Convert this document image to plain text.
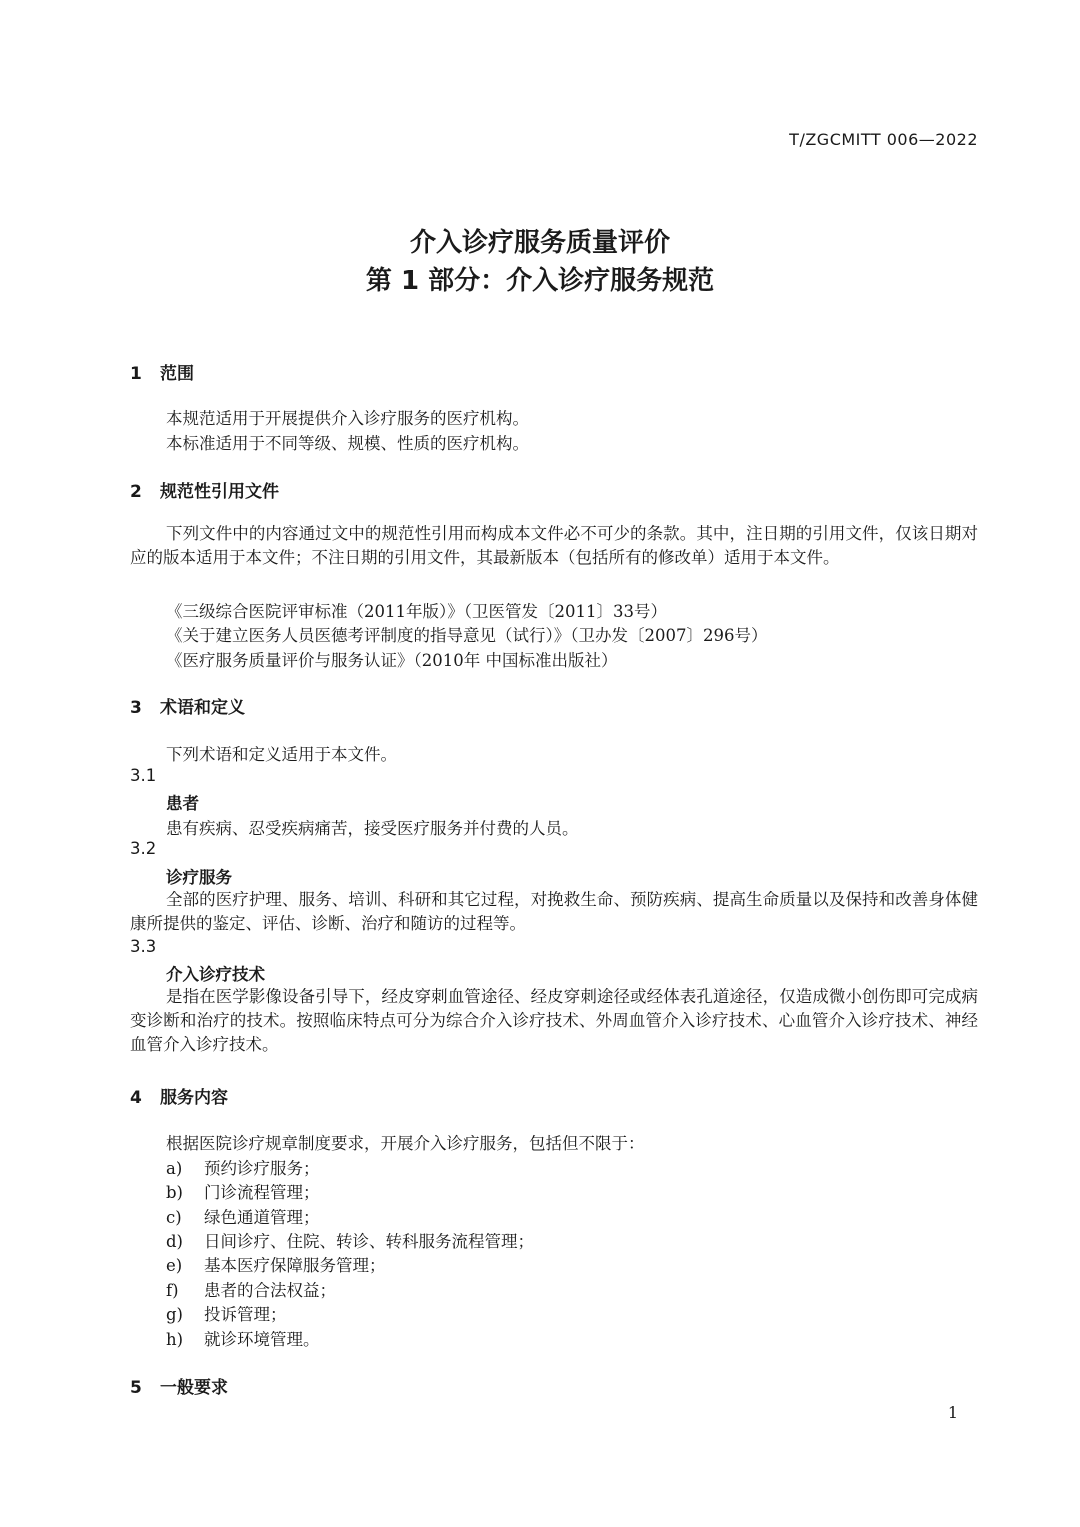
T/ZGCMITT 006—2022
介入诊疗服务质量评价
第 1 部分：介入诊疗服务规范
1 范围
本规范适用于开展提供介入诊疗服务的医疗机构。
本标准适用于不同等级、规模、性质的医疗机构。
2 规范性引用文件
下列文件中的内容通过文中的规范性引用而构成本文件必不可少的条款。其中，注日期的引用文件，仅该日期对应的版本适用于本文件；不注日期的引用文件，其最新版本（包括所有的修改单）适用于本文件。
《三级综合医院评审标准（2011年版）》（卫医管发〔2011〕33号）
《关于建立医务人员医德考评制度的指导意见（试行）》（卫办发〔2007〕296号）
《医疗服务质量评价与服务认证》（2010年 中国标准出版社）
3 术语和定义
下列术语和定义适用于本文件。
3.1
患者
患有疾病、忍受疾病痛苦，接受医疗服务并付费的人员。
3.2
诊疗服务
全部的医疗护理、服务、培训、科研和其它过程，对挽救生命、预防疾病、提高生命质量以及保持和改善身体健康所提供的鉴定、评估、诊断、治疗和随访的过程等。
3.3
介入诊疗技术
是指在医学影像设备引导下，经皮穿刺血管途径、经皮穿刺途径或经体表孔道途径，仅造成微小创伤即可完成病变诊断和治疗的技术。按照临床特点可分为综合介入诊疗技术、外周血管介入诊疗技术、心血管介入诊疗技术、神经血管介入诊疗技术。
4 服务内容
根据医院诊疗规章制度要求，开展介入诊疗服务，包括但不限于：
a) 预约诊疗服务；
b) 门诊流程管理；
c) 绿色通道管理；
d) 日间诊疗、住院、转诊、转科服务流程管理；
e) 基本医疗保障服务管理；
f) 患者的合法权益；
g) 投诉管理；
h) 就诊环境管理。
5 一般要求
1
